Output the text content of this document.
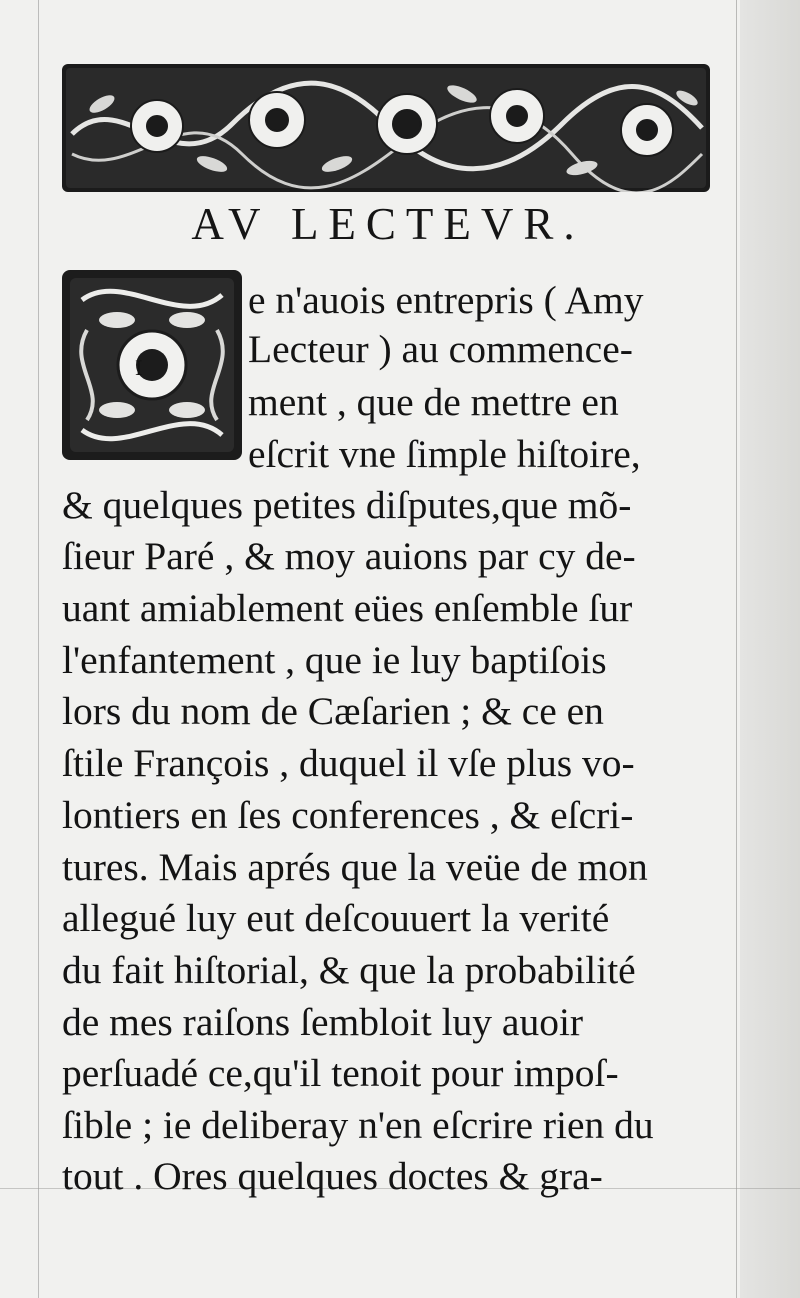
AV LECTEVR.
I
e n'auois entrepris ( Amy
Lecteur ) au commence-
ment , que de mettre en
eſcrit vne ſimple hiſtoire,
& quelques petites diſputes,que mõ-
ſieur Paré , & moy auions par cy de-
uant amiablement eües enſemble ſur
l'enfantement , que ie luy baptiſois
lors du nom de Cæſarien ; & ce en
ſtile François , duquel il vſe plus vo-
lontiers en ſes conferences , & eſcri-
tures. Mais aprés que la veüe de mon
allegué luy eut deſcouuert la verité
du fait hiſtorial, & que la probabilité
de mes raiſons ſembloit luy auoir
perſuadé ce,qu'il tenoit pour impoſ-
ſible ; ie deliberay n'en eſcrire rien du
tout . Ores quelques doctes & gra-
